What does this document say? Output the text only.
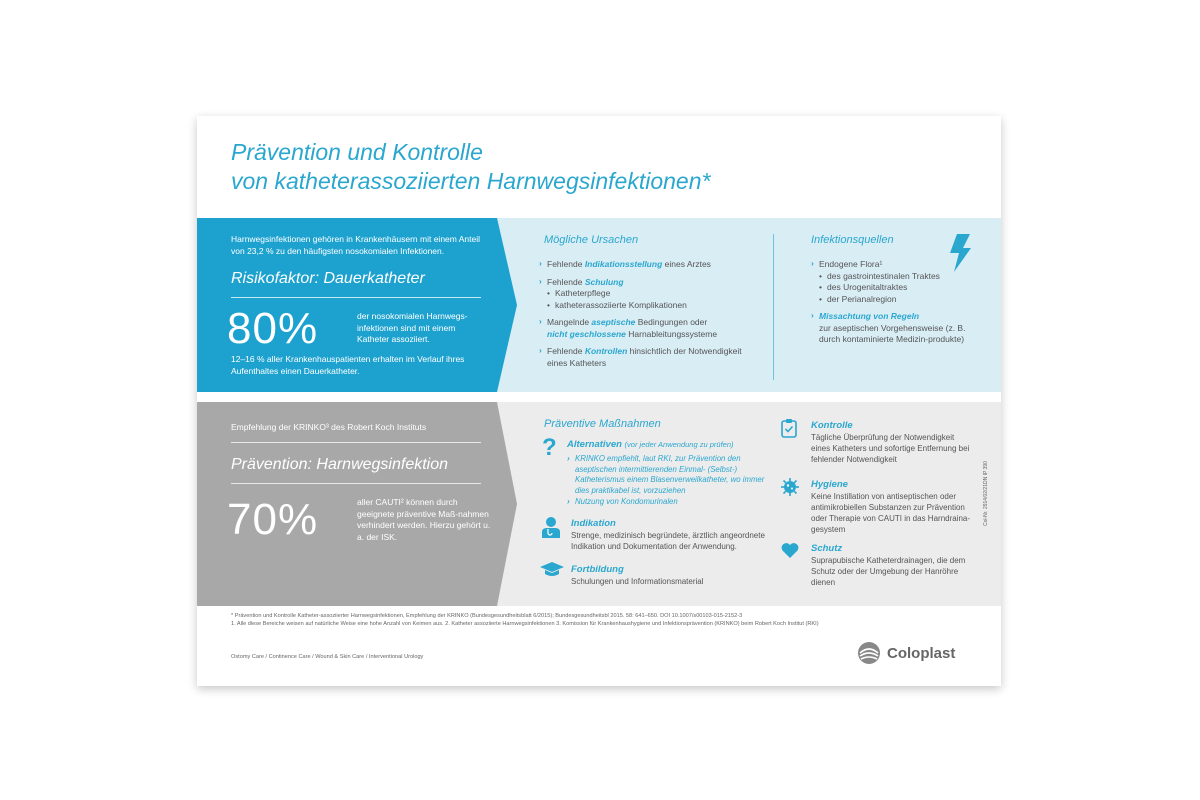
Prävention und Kontrolle
von katheterassoziierten Harnwegsinfektionen*
Harnwegsinfektionen gehören in Krankenhäusern mit einem Anteil von 23,2 % zu den häufigsten nosokomialen Infektionen.
Risikofaktor: Dauerkatheter
80%	der nosokomialen Harnwegs-infektionen sind mit einem Katheter assoziiert.
12–16 % aller Krankenhauspatienten erhalten im Verlauf ihres Aufenthaltes einen Dauerkatheter.
Mögliche Ursachen
› Fehlende Indikationsstellung eines Arztes
› Fehlende Schulung
• Katheterpflege
• katheterassoziierte Komplikationen
› Mangelnde aseptische Bedingungen oder
nicht geschlossene Harnableitungssysteme
› Fehlende Kontrollen hinsichtlich der Notwendigkeit eines Katheters
Infektionsquellen
› Endogene Flora¹
• des gastrointestinalen Traktes
• des Urogenitaltraktes
• der Perianalregion
› Missachtung von Regeln
zur aseptischen Vorgehensweise (z. B. durch kontaminierte Medizin-produkte)
Empfehlung der KRINKO³ des Robert Koch Instituts
Prävention: Harnwegsinfektion
70%	aller CAUTI² können durch geeignete präventive Maß-nahmen verhindert werden. Hierzu gehört u. a. der ISK.
Präventive Maßnahmen
? Alternativen (vor jeder Anwendung zu prüfen)
› KRINKO empfiehlt, laut RKI, zur Prävention den aseptischen intermittierenden Einmal- (Selbst-) Katheterismus einem Blasenverweilkatheter, wo immer dies praktikabel ist, vorzuziehen
› Nutzung von Kondomurinalen
Indikation
Strenge, medizinisch begründete, ärztlich angeordnete Indikation und Dokumentation der Anwendung.
Fortbildung
Schulungen und Informationsmaterial
Kontrolle
Tägliche Überprüfung der Notwendigkeit eines Katheters und sofortige Entfernung bei fehlender Notwendigkeit
Hygiene
Keine Instillation von antiseptischen oder antimikrobiellen Substanzen zur Prävention oder Therapie von CAUTI in das Harndraina-gesystem
Schutz
Suprapubische Katheterdrainagen, die dem Schutz oder der Umgebung der Hanröhre dienen
Col-Nr. 2914/02/21DN IP 390
* Prävention und Kontrolle Katheter-assoziierter Harnwegsinfektionen, Empfehlung der KRINKO (Bundesgesundheitsblatt 6/2015); Bundesgesundheitsbl 2015. 58: 641–650. DOI 10.1007/s00103-015-2152-3
1. Alle diese Bereiche weisen auf natürliche Weise eine hohe Anzahl von Keimen aus. 2. Katheter assoziierte Harnwegsinfektionen 3. Komission für Krankenhaushygiene und Infektionsprävention (KRINKO) beim Robert Koch Institut (RKI)
Ostomy Care / Continence Care / Wound & Skin Care / Interventional Urology	Coloplast
